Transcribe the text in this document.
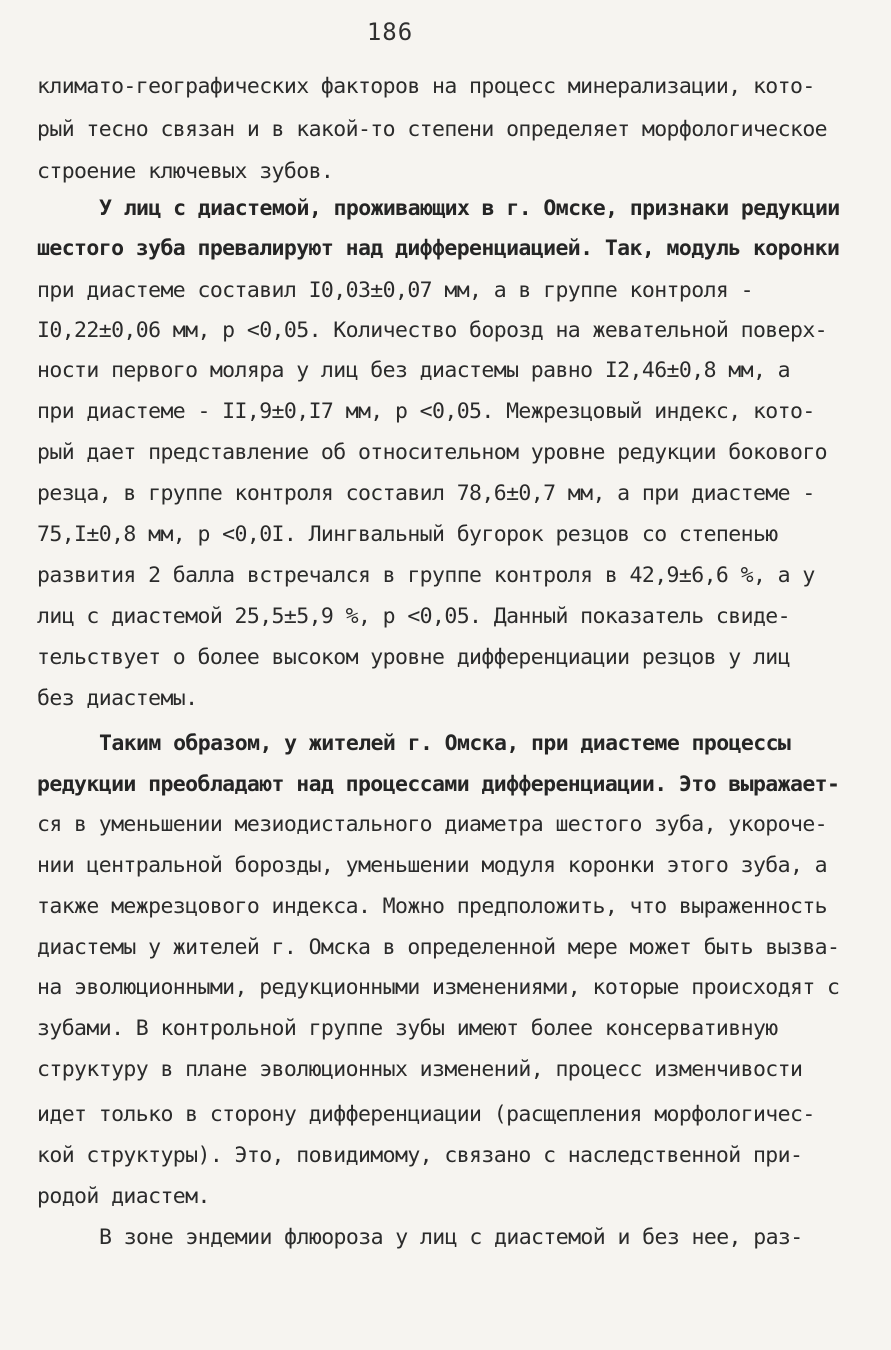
186
климато-географических факторов на процесс минерализации, кото-
рый тесно связан и в какой-то степени определяет морфологическое
строение ключевых зубов.
У лиц с диастемой, проживающих в г. Омске, признаки редукции
шестого зуба превалируют над дифференциацией. Так, модуль коронки
при диастеме составил I0,03±0,07 мм, а в группе контроля -
I0,22±0,06 мм, р <0,05. Количество борозд на жевательной поверх-
ности первого моляра у лиц без диастемы равно I2,46±0,8 мм, а
при диастеме - II,9±0,I7 мм, р <0,05. Межрезцовый индекс, кото-
рый дает представление об относительном уровне редукции бокового
резца, в группе контроля составил 78,6±0,7 мм, а при диастеме -
75,I±0,8 мм, р <0,0I. Лингвальный бугорок резцов со степенью
развития 2 балла встречался в группе контроля в 42,9±6,6 %, а у
лиц с диастемой 25,5±5,9 %, р <0,05. Данный показатель свиде-
тельствует о более высоком уровне дифференциации резцов у лиц
без диастемы.
Таким образом, у жителей г. Омска, при диастеме процессы
редукции преобладают над процессами дифференциации. Это выражает-
ся в уменьшении мезиодистального диаметра шестого зуба, укороче-
нии центральной борозды, уменьшении модуля коронки этого зуба, а
также межрезцового индекса. Можно предположить, что выраженность
диастемы у жителей г. Омска в определенной мере может быть вызва-
на эволюционными, редукционными изменениями, которые происходят с
зубами. В контрольной группе зубы имеют более консервативную
структуру в плане эволюционных изменений, процесс изменчивости
идет только в сторону дифференциации (расщепления морфологичес-
кой структуры). Это, повидимому, связано с наследственной при-
родой диастем.
В зоне эндемии флюороза у лиц с диастемой и без нее, раз-
